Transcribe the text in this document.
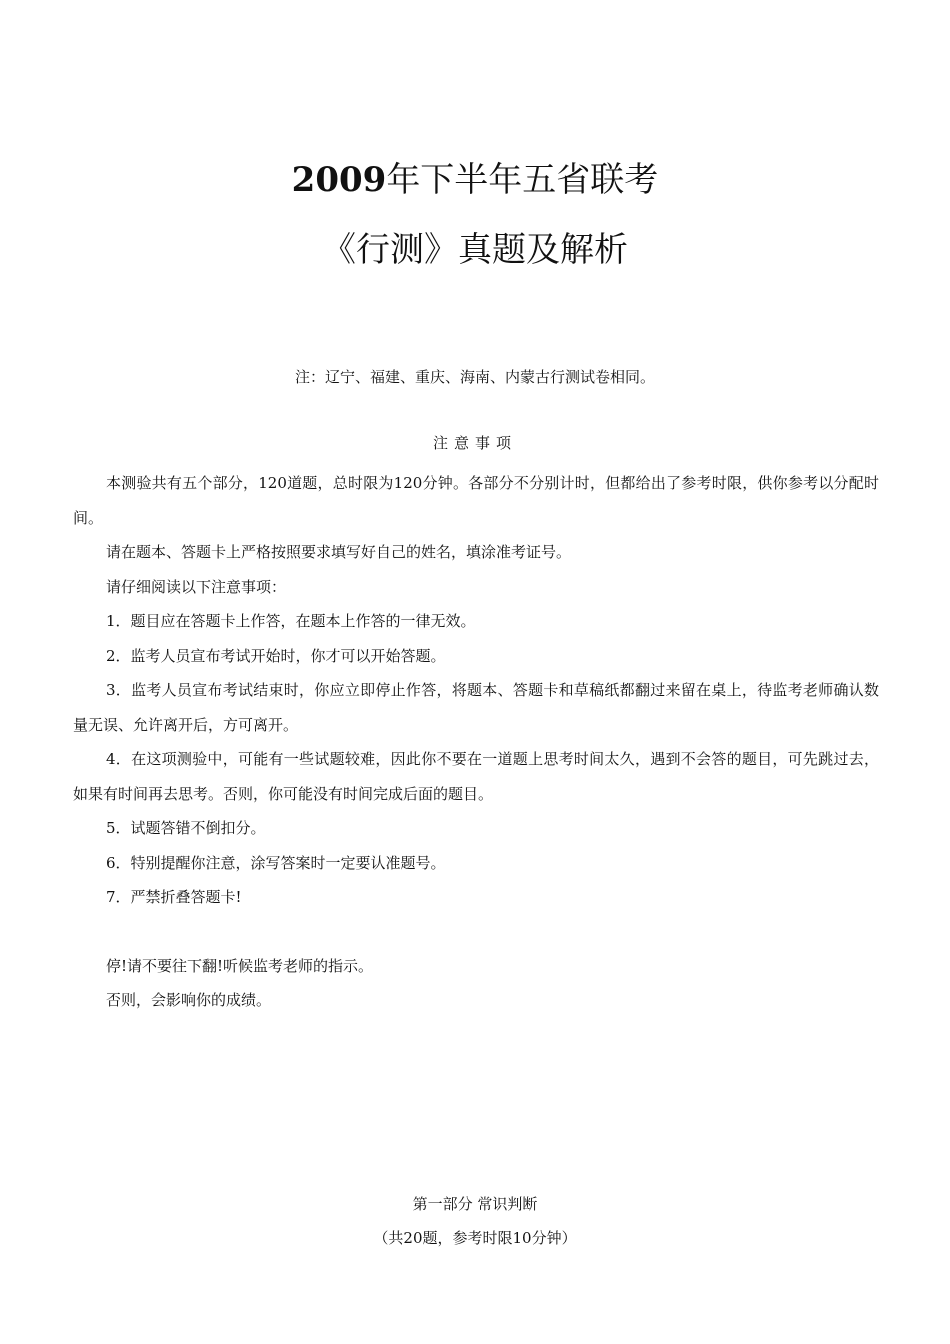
2009年下半年五省联考
《行测》真题及解析
注：辽宁、福建、重庆、海南、内蒙古行测试卷相同。
注意事项

本测验共有五个部分，120道题，总时限为120分钟。各部分不分别计时，但都给出了参考时限，供你参考以分配时间。

请在题本、答题卡上严格按照要求填写好自己的姓名，填涂准考证号。

请仔细阅读以下注意事项：

1．题目应在答题卡上作答，在题本上作答的一律无效。

2．监考人员宣布考试开始时，你才可以开始答题。

3．监考人员宣布考试结束时，你应立即停止作答，将题本、答题卡和草稿纸都翻过来留在桌上，待监考老师确认数量无误、允许离开后，方可离开。

4．在这项测验中，可能有一些试题较难，因此你不要在一道题上思考时间太久，遇到不会答的题目，可先跳过去，如果有时间再去思考。否则，你可能没有时间完成后面的题目。

5．试题答错不倒扣分。

6．特别提醒你注意，涂写答案时一定要认准题号。

7．严禁折叠答题卡!

停!请不要往下翻!听候监考老师的指示。

否则，会影响你的成绩。

第一部分 常识判断
（共20题，参考时限10分钟）
